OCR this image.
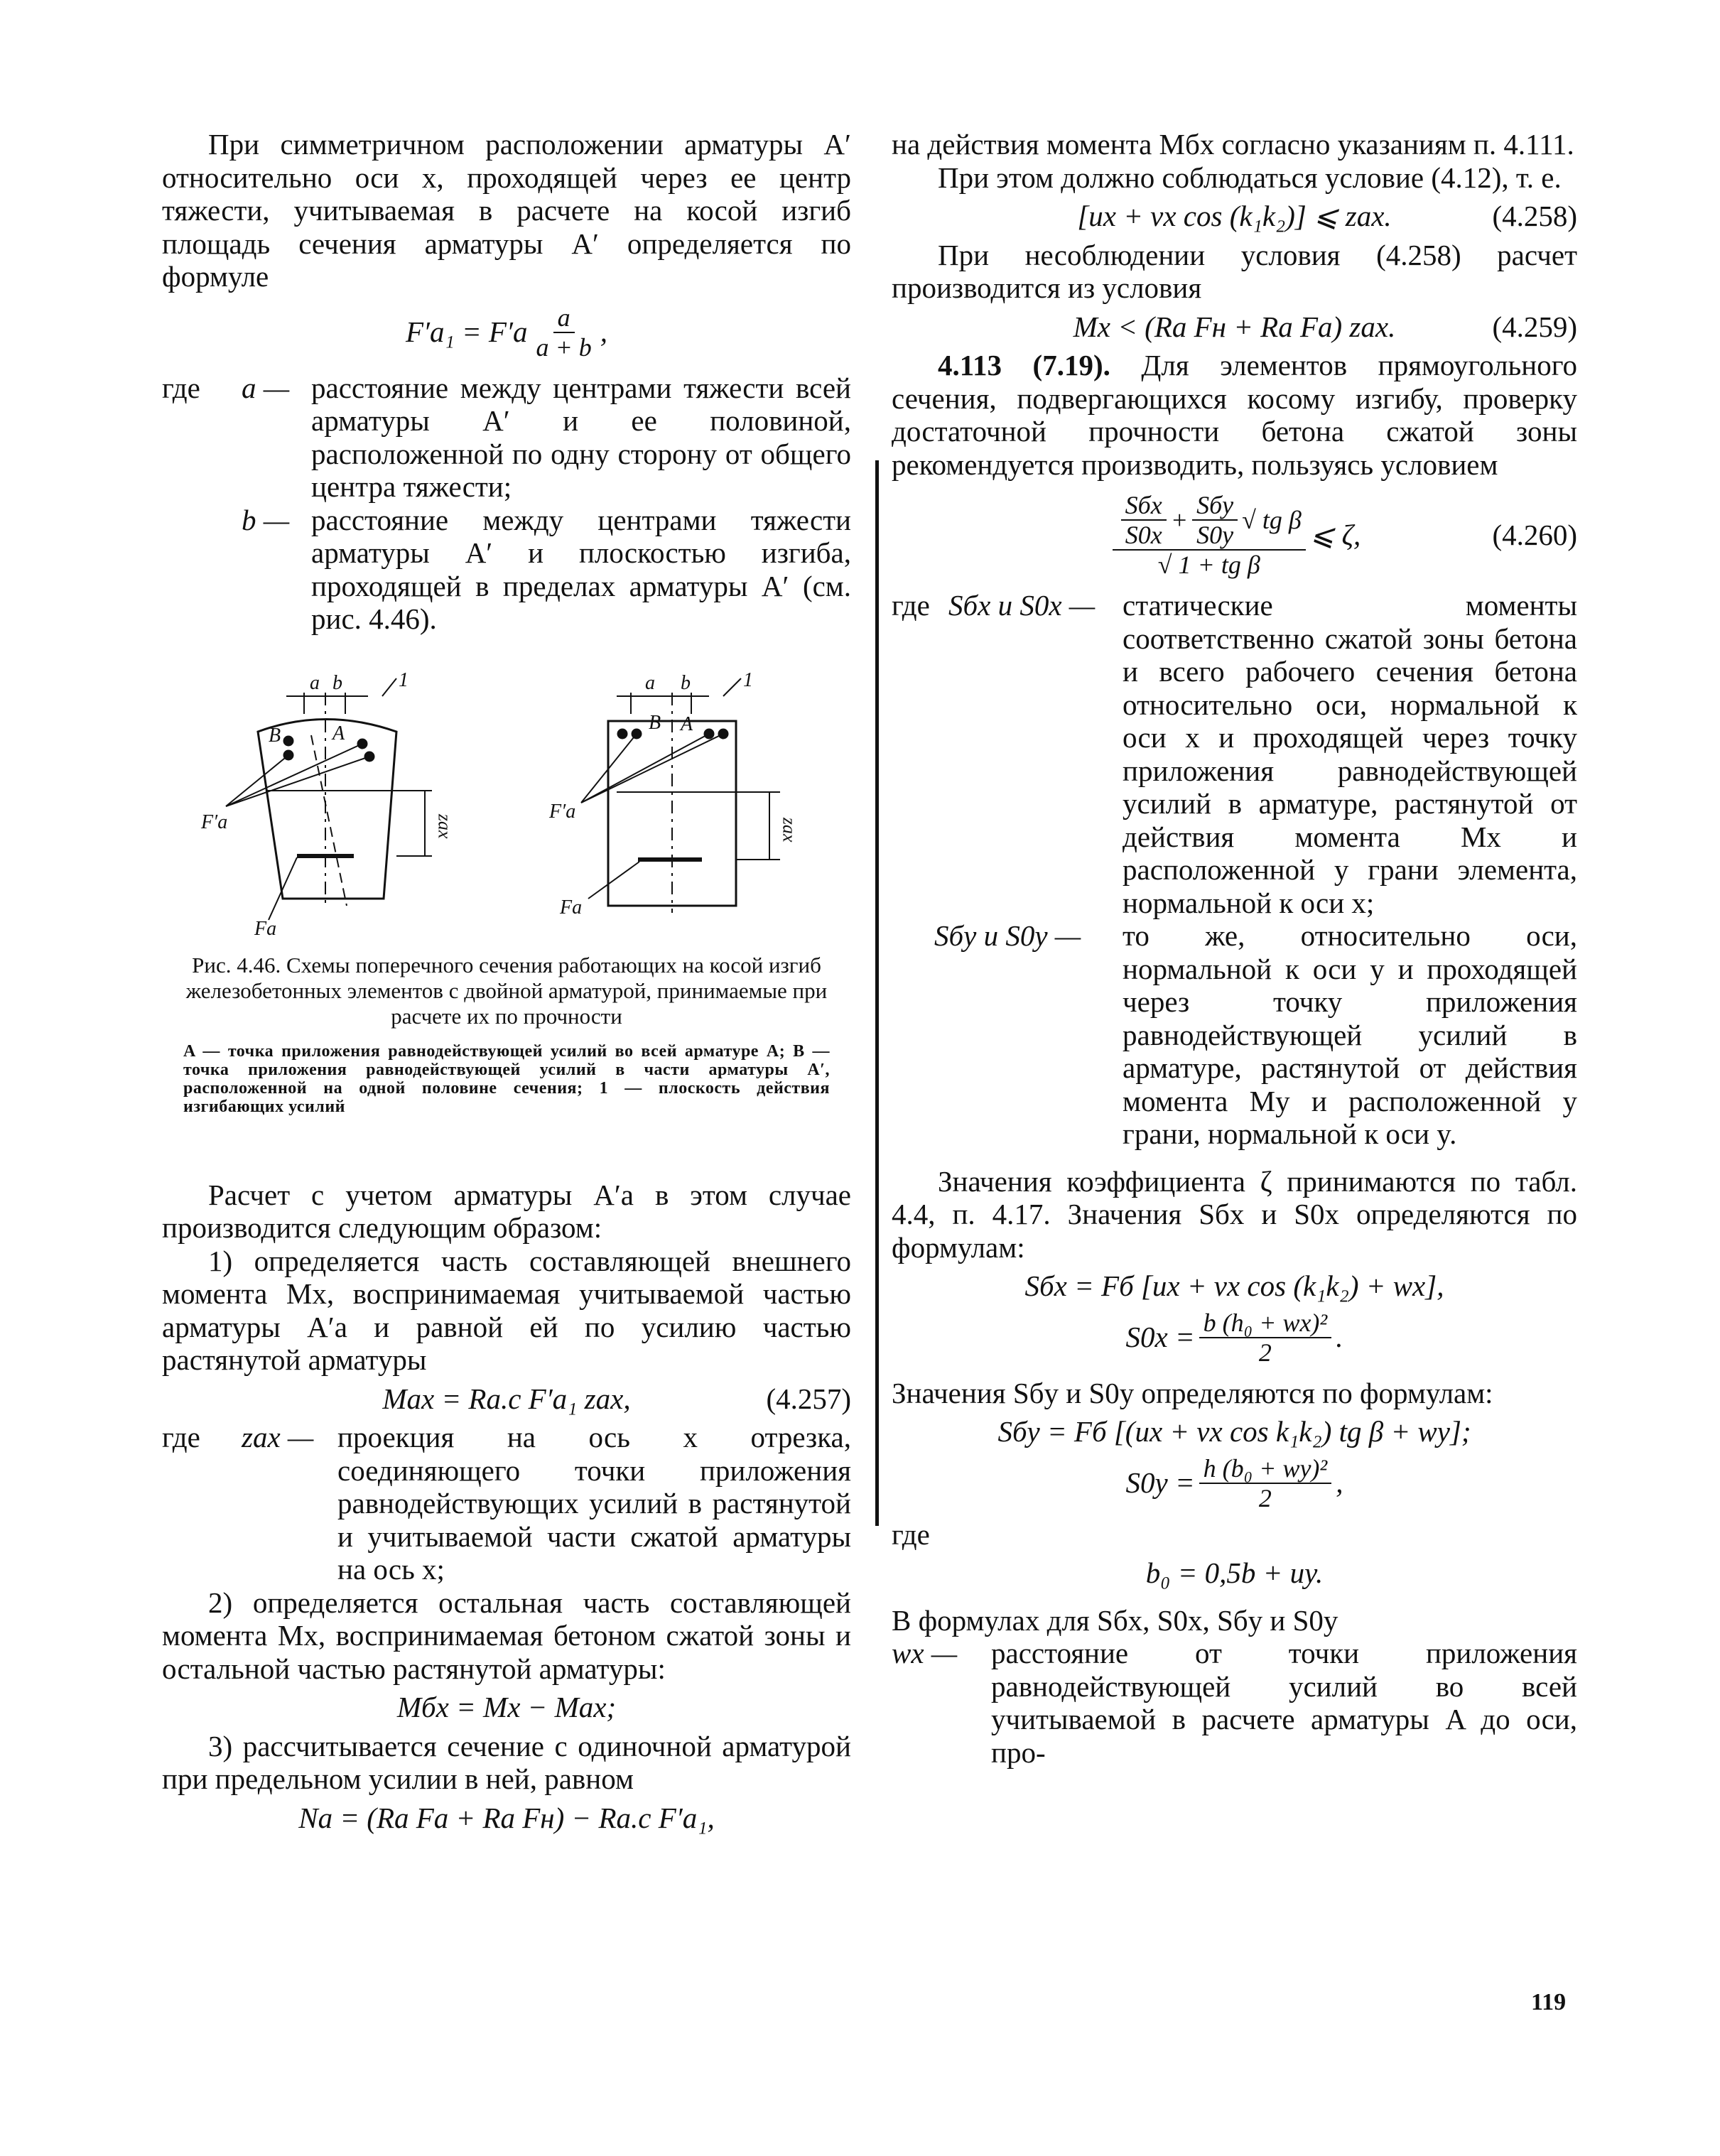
При симметричном расположении арматуры A′ относительно оси x, проходящей через ее центр тяжести, учитываемая в расчете на косой изгиб площадь сечения арматуры A′ определяется по формуле

$F'a_1 = F'a \frac{a}{a + b}$ ,
где	a — расстояние между центрами тяжести всей арматуры A′ и ее половиной, расположенной по одну сторону от общего центра тяжести;
b — расстояние между центрами тяжести арматуры A′ и плоскостью изгиба, проходящей в пределах арматуры A′ (см. рис. 4.46).
a b	1
B	A
F′a
Fa
zax
a b	1
B A
F′a
Fa
zax

Рис. 4.46. Схемы поперечного сечения работающих на косой изгиб железобетонных элементов с двойной арматурой, принимаемые при расчете их по прочности

A — точка приложения равнодействующей усилий во всей арматуре A; B — точка приложения равнодействующей усилий в части арматуры A′, расположенной на одной половине сечения; 1 — плоскость действия изгибающих усилий

Расчет с учетом арматуры A′a в этом случае производится следующим образом:

1) определяется часть составляющей внешнего момента Mx, воспринимаемая учитываемой частью арматуры A′a и равной ей по усилию частью растянутой арматуры

Max = Ra.c F′a₁ zax,	(4.257)
где	zax — проекция на ось x отрезка, соединяющего точки приложения равнодействующих усилий в растянутой и учитываемой части сжатой арматуры на ось x;

2) определяется остальная часть составляющей момента Mx, воспринимаемая бетоном сжатой зоны и остальной частью растянутой арматуры:

Mбx = Mx − Max;

3) рассчитывается сечение с одиночной арматурой при предельном усилии в ней, равном

Na = (Ra Fa + Ra Fн) − Ra.c F′a₁,

на действия момента Mбx согласно указаниям п. 4.111.

При этом должно соблюдаться условие (4.12), т. е.

[ux + vx cos (k₁k₂)] ⩽ zax.	(4.258)

При несоблюдении условия (4.258) расчет производится из условия

Mx < (Ra Fн + Ra Fa) zax.	(4.259)

4.113 (7.19). Для элементов прямоугольного сечения, подвергающихся косому изгибу, проверку достаточной прочности бетона сжатой зоны рекомендуется производить, пользуясь условием

Sбx
S0x
+
Sбy
S0y
√ tg β
√ 1 + tg β
⩽ ζ,	(4.260)
где Sбx и S0x — статические моменты соответственно сжатой зоны бетона и всего рабочего сечения бетона относительно оси, нормальной к оси x и проходящей через точку приложения равнодействующей усилий в арматуре, растянутой от действия момента Mx и расположенной у грани элемента, нормальной к оси x;
Sбy и S0y —	то же, относительно оси, нормальной к оси y и проходящей через точку приложения равнодействующей усилий в арматуре, растянутой от действия момента My и расположенной у грани, нормальной к оси y.

Значения коэффициента ζ принимаются по табл. 4.4, п. 4.17. Значения Sбx и S0x определяются по формулам:

Sбx = Fб [ux + vx cos (k₁k₂) + wx],
$S0x = \frac{\text{b (h₀ + wx)²}}{2}$ .

Значения Sбy и S0y определяются по формулам:

Sбy = Fб [(ux + vx cos k₁k₂) tg β + wy];
$S0y = \frac{\text{h (b₀ + wy)²}}{2}$ ,

где

b₀ = 0,5b + uy.

В формулах для Sбx, S0x, Sбy и S0y

wx —	расстояние от точки приложения равнодействующей усилий во всей учитываемой в расчете арматуры A до оси, про-
119
